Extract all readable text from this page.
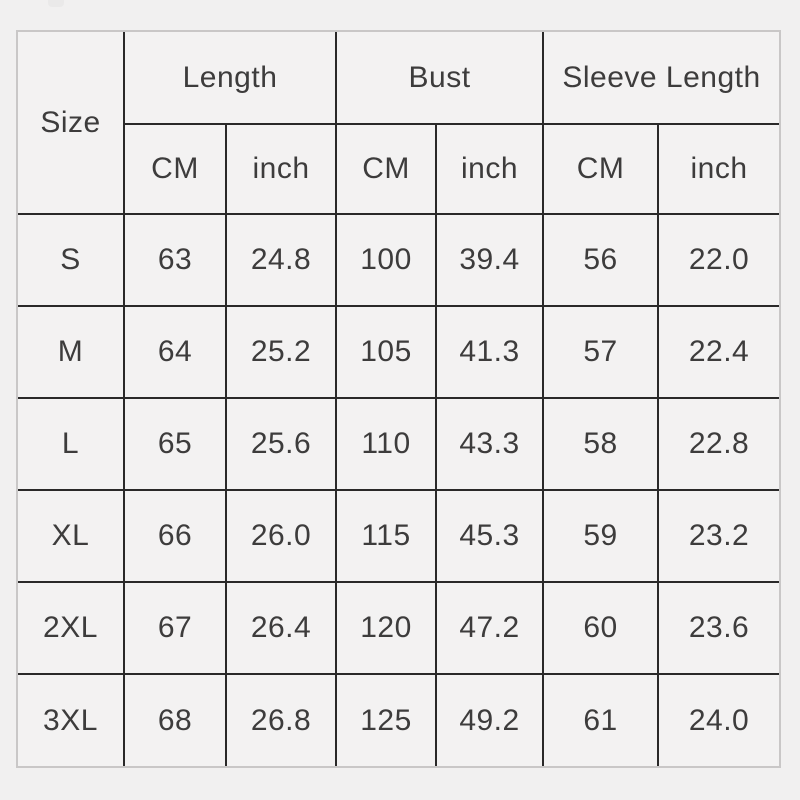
Size	Length		Bust		Sleeve Length	
	CM	inch	CM	inch	CM	inch
S	63	24.8	100	39.4	56	22.0
M	64	25.2	105	41.3	57	22.4
L	65	25.6	110	43.3	58	22.8
XL	66	26.0	115	45.3	59	23.2
2XL	67	26.4	120	47.2	60	23.6
3XL	68	26.8	125	49.2	61	24.0
